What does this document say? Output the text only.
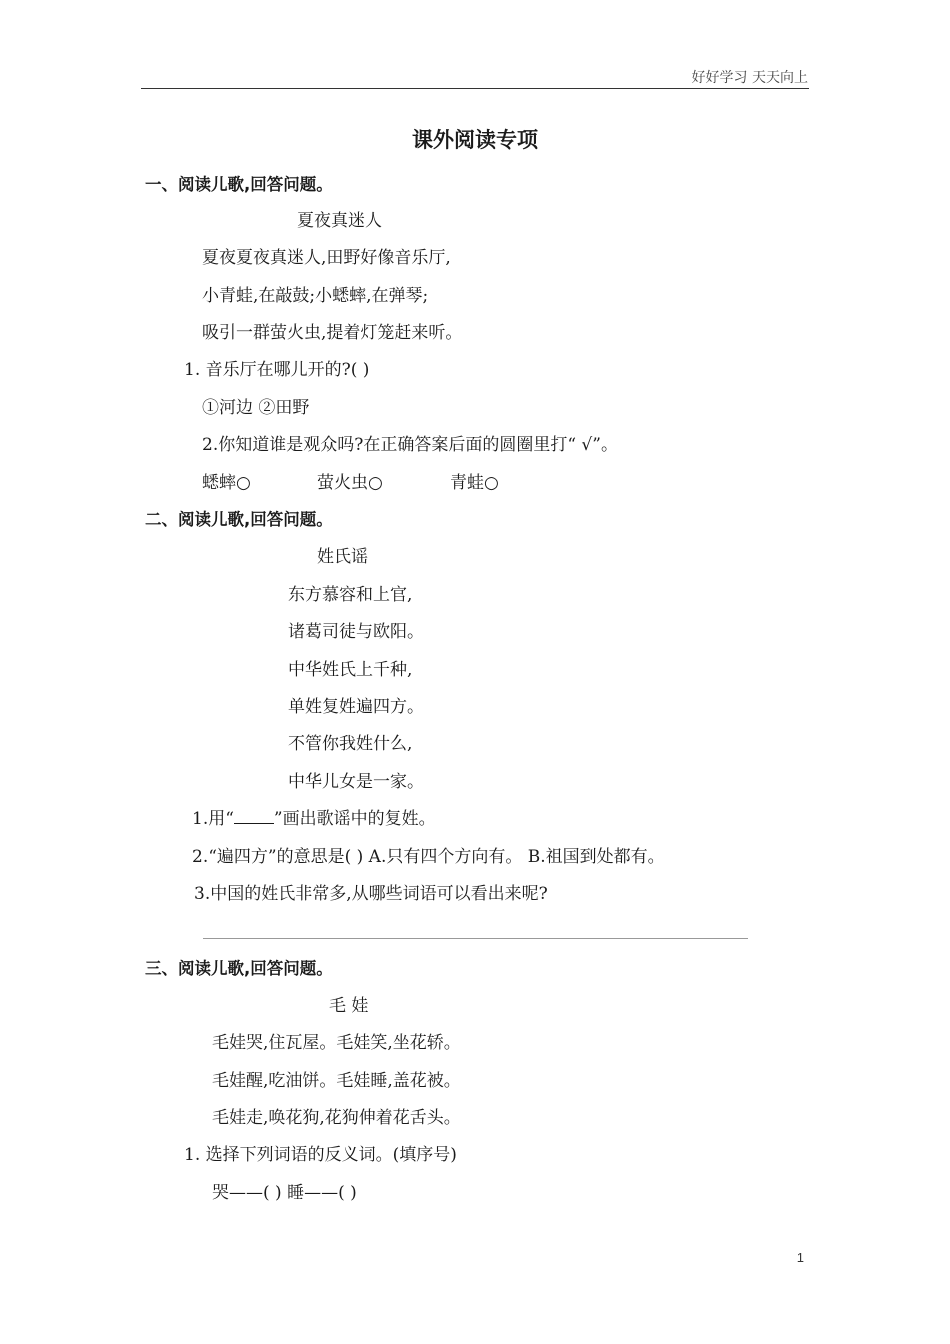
好好学习 天天向上
课外阅读专项
一、阅读儿歌,回答问题。
夏夜真迷人
夏夜夏夜真迷人,田野好像音乐厅,
小青蛙,在敲鼓;小蟋蟀,在弹琴;
吸引一群萤火虫,提着灯笼赶来听。
1. 音乐厅在哪儿开的?( )
①河边 ②田野
2.你知道谁是观众吗?在正确答案后面的圆圈里打“ √”。
蟋蟀○	萤火虫○	青蛙○
二、阅读儿歌,回答问题。
姓氏谣
东方慕容和上官,
诸葛司徒与欧阳。
中华姓氏上千种,
单姓复姓遍四方。
不管你我姓什么,
中华儿女是一家。
1.用“ ”画出歌谣中的复姓。
2.“遍四方”的意思是( ) A.只有四个方向有。 B.祖国到处都有。
3.中国的姓氏非常多,从哪些词语可以看出来呢?
三、阅读儿歌,回答问题。
毛 娃
毛娃哭,住瓦屋。毛娃笑,坐花轿。
毛娃醒,吃油饼。毛娃睡,盖花被。
毛娃走,唤花狗,花狗伸着花舌头。
1. 选择下列词语的反义词。(填序号)
哭——( ) 睡——( )
1
